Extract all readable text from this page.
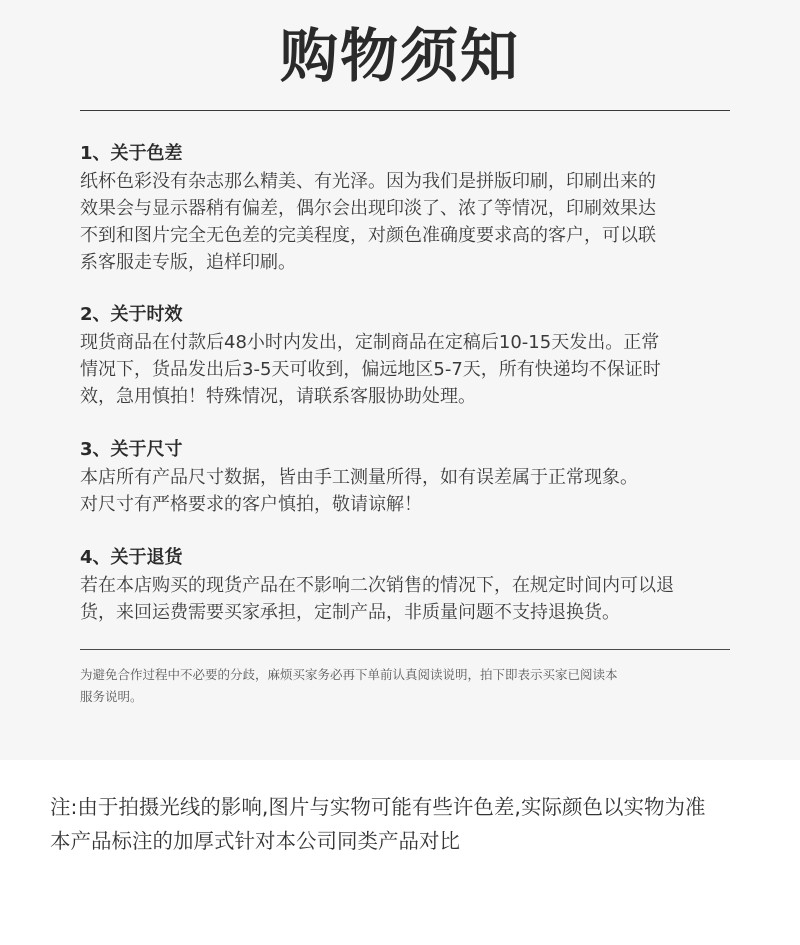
购物须知
1、关于色差

纸杯色彩没有杂志那么精美、有光泽。因为我们是拼版印刷，印刷出来的

效果会与显示器稍有偏差，偶尔会出现印淡了、浓了等情况，印刷效果达

不到和图片完全无色差的完美程度，对颜色准确度要求高的客户，可以联

系客服走专版，追样印刷。

2、关于时效

现货商品在付款后48小时内发出，定制商品在定稿后10-15天发出。正常

情况下，货品发出后3-5天可收到，偏远地区5-7天，所有快递均不保证时

效，急用慎拍！特殊情况，请联系客服协助处理。

3、关于尺寸

本店所有产品尺寸数据，皆由手工测量所得，如有误差属于正常现象。

对尺寸有严格要求的客户慎拍，敬请谅解！

4、关于退货

若在本店购买的现货产品在不影响二次销售的情况下，在规定时间内可以退

货，来回运费需要买家承担，定制产品，非质量问题不支持退换货。

为避免合作过程中不必要的分歧，麻烦买家务必再下单前认真阅读说明，拍下即表示买家已阅读本
服务说明。
注:由于拍摄光线的影响,图片与实物可能有些许色差,实际颜色以实物为准
本产品标注的加厚式针对本公司同类产品对比
